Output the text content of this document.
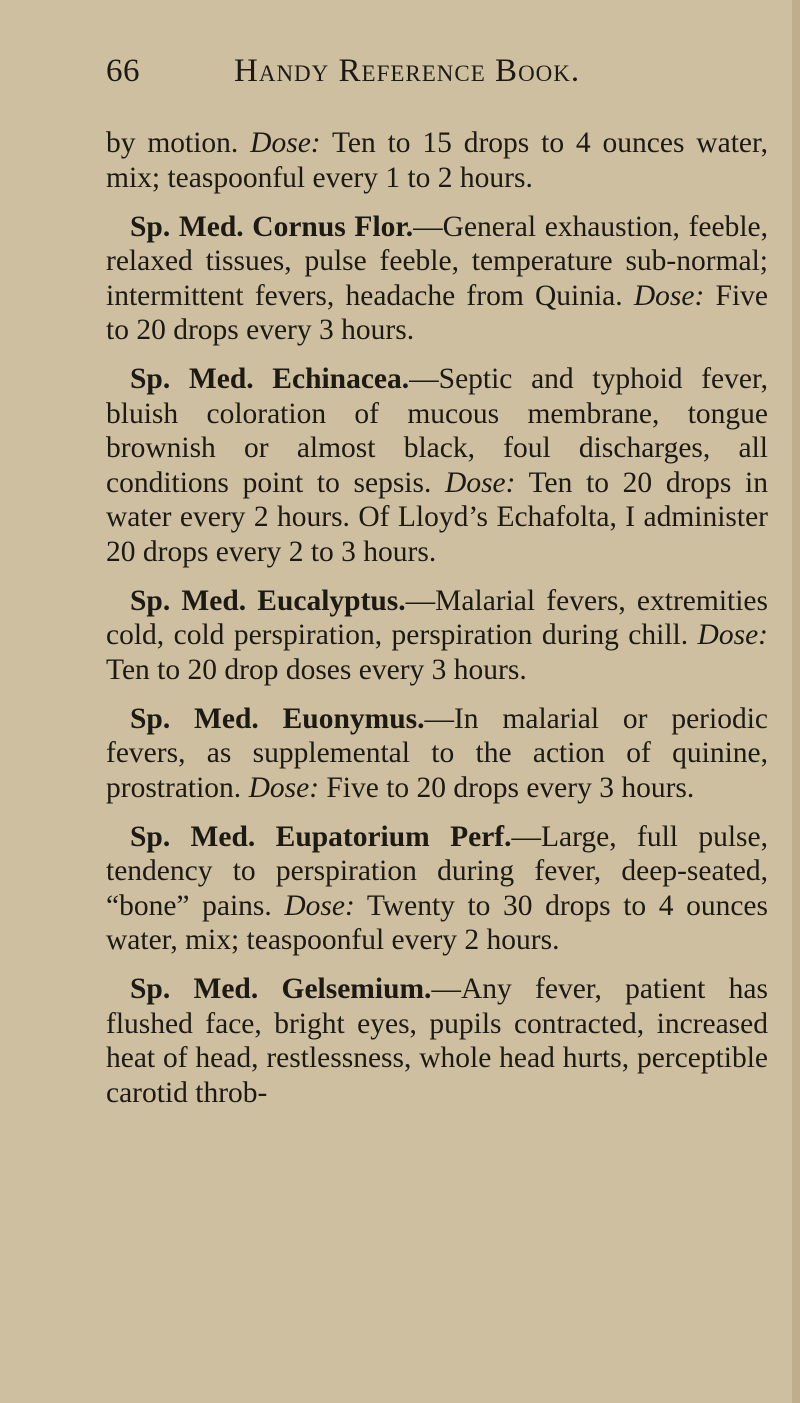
66	Handy Reference Book.

by motion. Dose: Ten to 15 drops to 4 ounces water, mix; teaspoonful every 1 to 2 hours.

Sp. Med. Cornus Flor.—General exhaustion, feeble, relaxed tissues, pulse feeble, temperature sub-normal; intermittent fevers, headache from Quinia. Dose: Five to 20 drops every 3 hours.

Sp. Med. Echinacea.—Septic and typhoid fever, bluish coloration of mucous membrane, tongue brownish or almost black, foul discharges, all conditions point to sepsis. Dose: Ten to 20 drops in water every 2 hours. Of Lloyd’s Echafolta, I administer 20 drops every 2 to 3 hours.

Sp. Med. Eucalyptus.—Malarial fevers, extremities cold, cold perspiration, perspiration during chill. Dose: Ten to 20 drop doses every 3 hours.

Sp. Med. Euonymus.—In malarial or periodic fevers, as supplemental to the action of quinine, prostration. Dose: Five to 20 drops every 3 hours.

Sp. Med. Eupatorium Perf.—Large, full pulse, tendency to perspiration during fever, deep-seated, “bone” pains. Dose: Twenty to 30 drops to 4 ounces water, mix; teaspoonful every 2 hours.

Sp. Med. Gelsemium.—Any fever, patient has flushed face, bright eyes, pupils contracted, increased heat of head, restlessness, whole head hurts, perceptible carotid throb-
